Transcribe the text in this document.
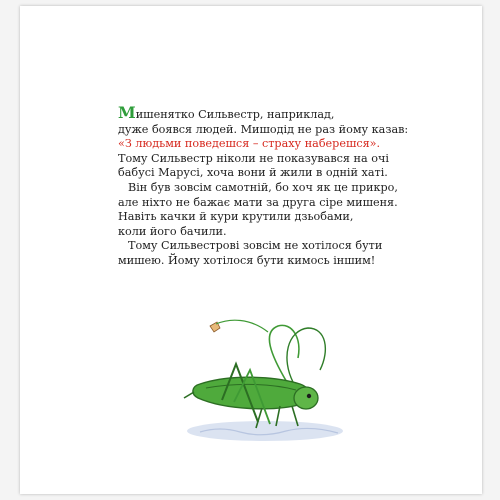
Мишенятко Сильвестр, наприклад,
дуже боявся людей. Мишодід не раз йому казав:
«З людьми поведешся – страху наберешся».
Тому Сильвестр ніколи не показувався на очі
бабусі Марусі, хоча вони й жили в одній хаті.
Він був зовсім самотній, бо хоч як це прикро,
але ніхто не бажає мати за друга сіре мишеня.
Навіть качки й кури крутили дзьобами,
коли його бачили.
Тому Сильвестрові зовсім не хотілося бути
мишею. Йому хотілося бути кимось іншим!
